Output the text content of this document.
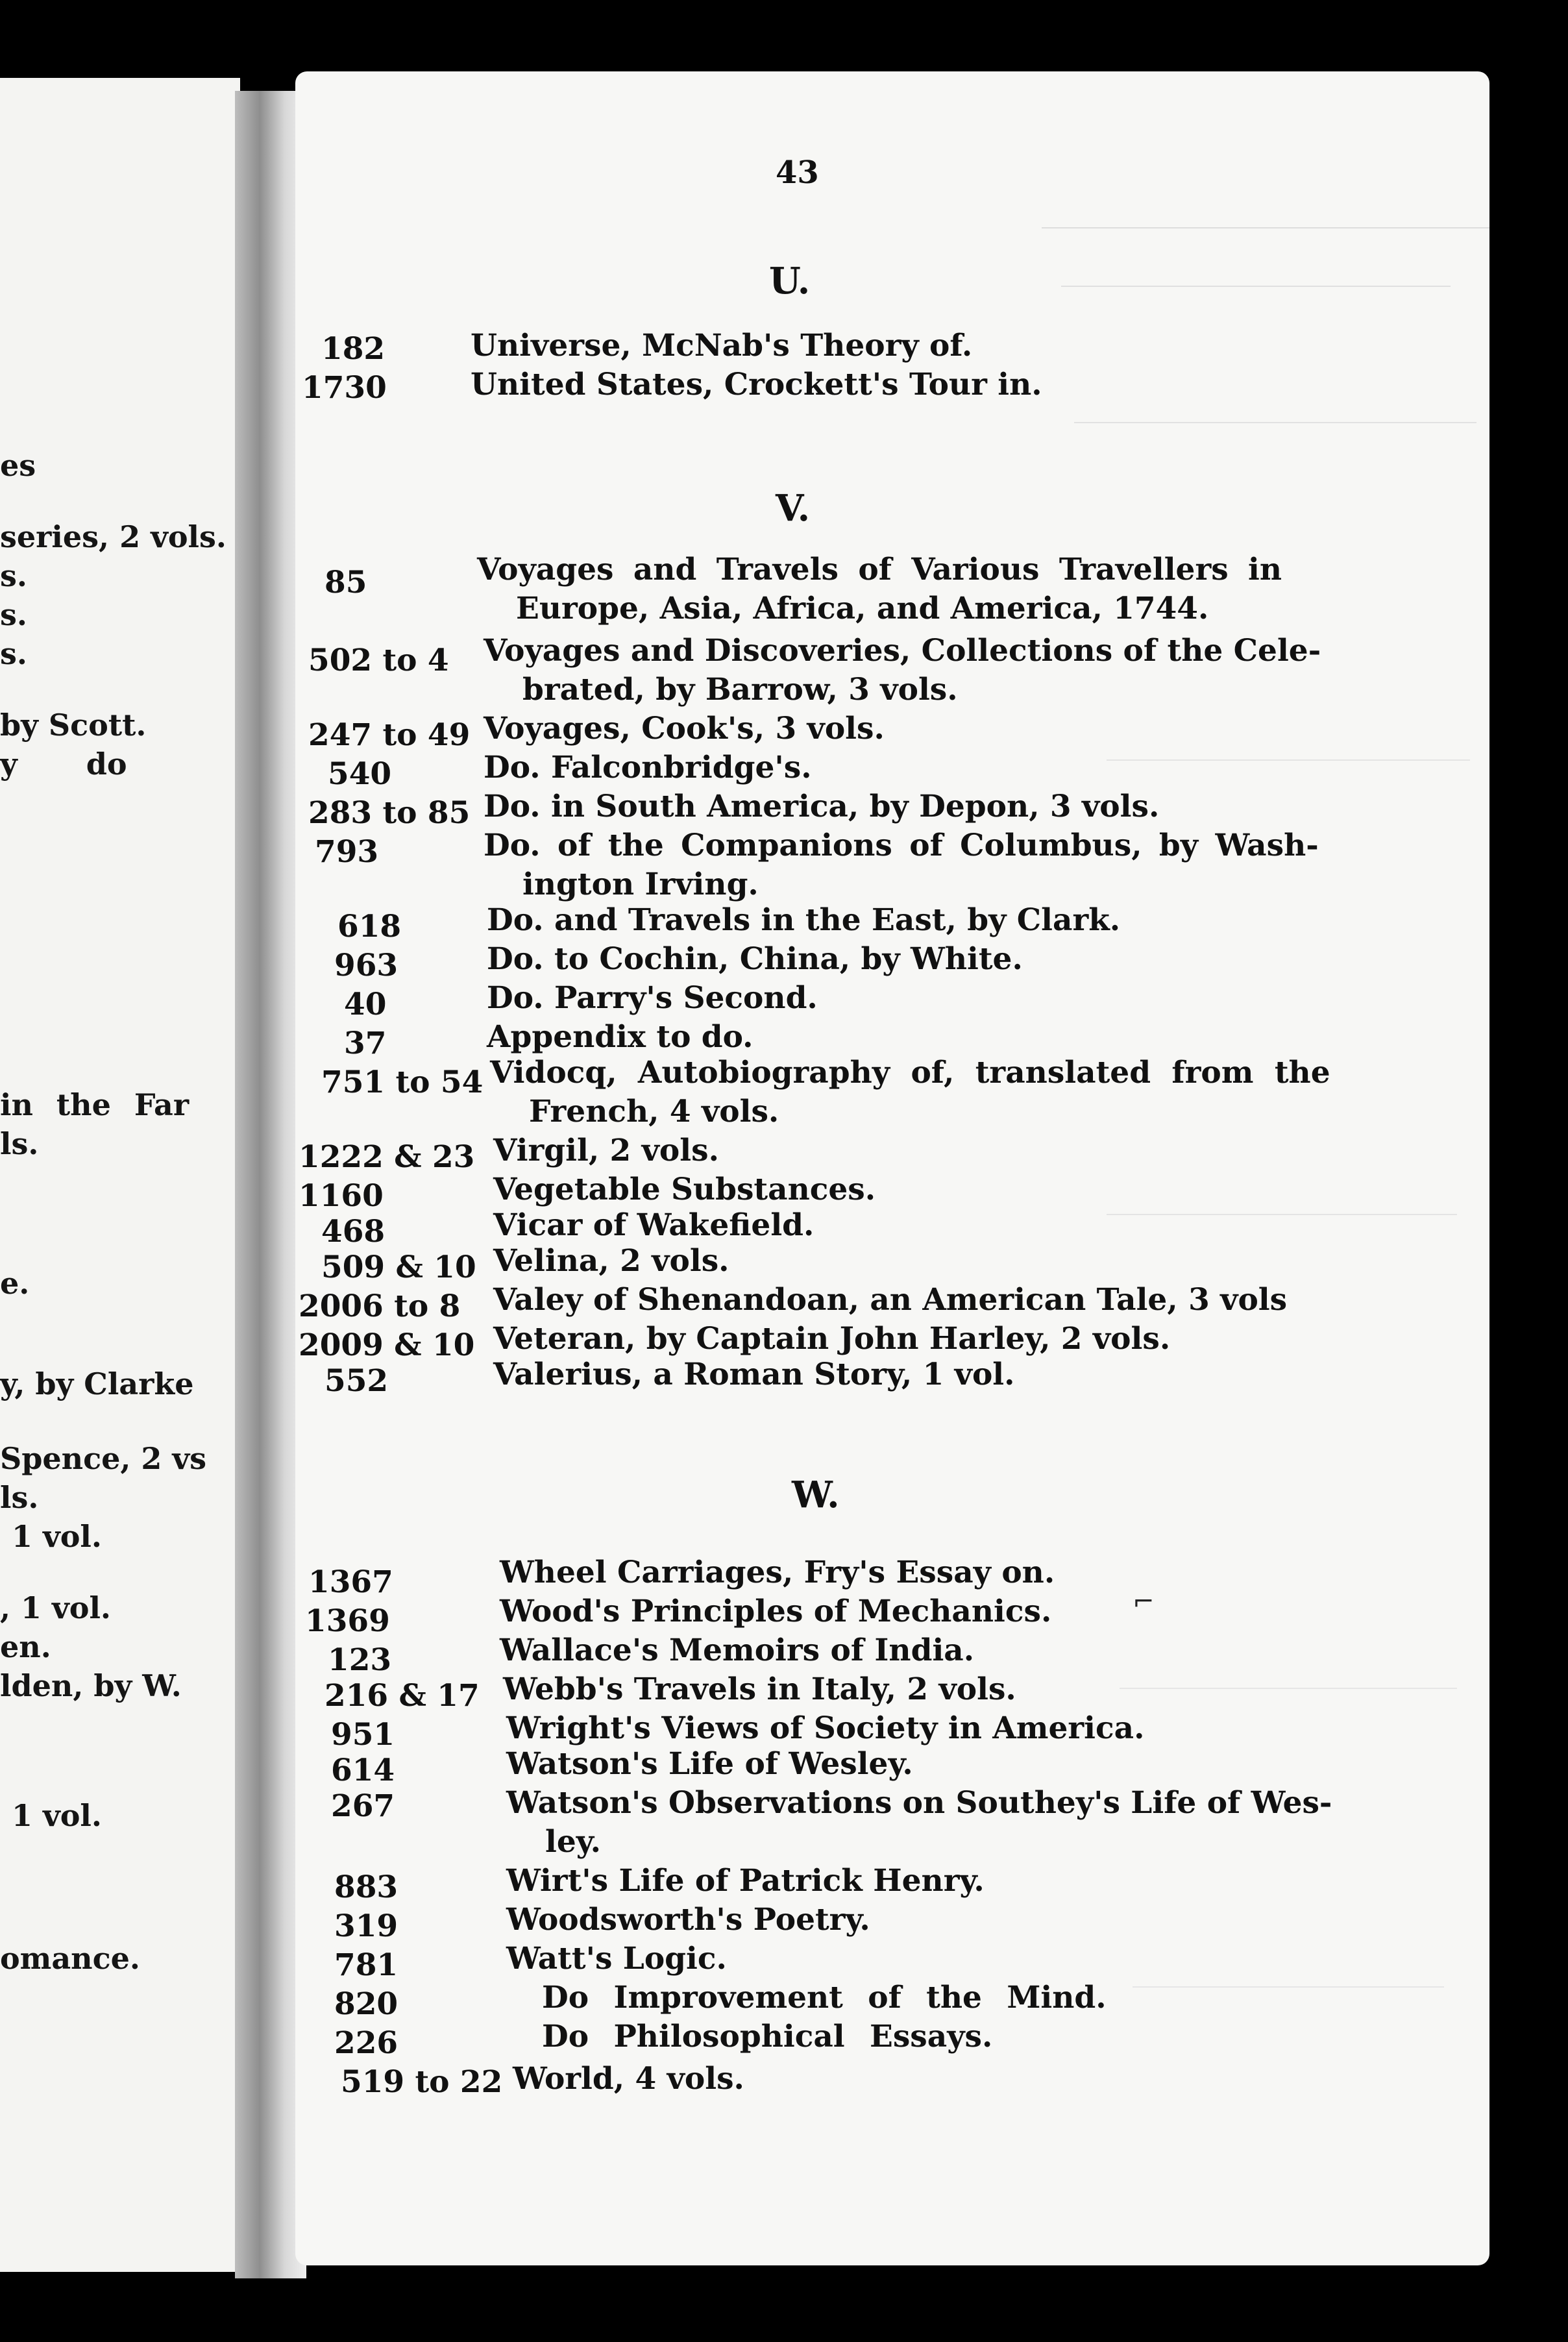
es
series, 2 vols.
s.
s.
s.
by Scott.
y do
in the Far
ls.
e.
y, by Clarke
Spence, 2 vs
ls.
1 vol.
, 1 vol.
en.
lden, by W.
1 vol.
omance.
43
U.
182	Universe, McNab's Theory of.
1730	United States, Crockett's Tour in.
V.
85	Voyages and Travels of Various Travellers in
Europe, Asia, Africa, and America, 1744.
502 to 4 Voyages and Discoveries, Collections of the Cele-
brated, by Barrow, 3 vols.
247 to 49 Voyages, Cook's, 3 vols.
540	Do. Falconbridge's.
283 to 85 Do. in South America, by Depon, 3 vols.
793	Do. of the Companions of Columbus, by Wash-
ington Irving.
618	Do. and Travels in the East, by Clark.
963	Do. to Cochin, China, by White.
40	Do. Parry's Second.
37	Appendix to do.
751 to 54 Vidocq, Autobiography of, translated from the
French, 4 vols.
1222 & 23 Virgil, 2 vols.
1160	Vegetable Substances.
468	Vicar of Wakefield.
509 & 10 Velina, 2 vols.
2006 to 8 Valey of Shenandoan, an American Tale, 3 vols
2009 & 10 Veteran, by Captain John Harley, 2 vols.
552	Valerius, a Roman Story, 1 vol.
W.
1367	Wheel Carriages, Fry's Essay on.
1369	Wood's Principles of Mechanics.	⌐
123	Wallace's Memoirs of India.
216 & 17 Webb's Travels in Italy, 2 vols.
951	Wright's Views of Society in America.
614	Watson's Life of Wesley.
267	Watson's Observations on Southey's Life of Wes-
ley.
883	Wirt's Life of Patrick Henry.
319	Woodsworth's Poetry.
781	Watt's Logic.
820	Do Improvement of the Mind.
226	Do Philosophical Essays.
519 to 22 World, 4 vols.
